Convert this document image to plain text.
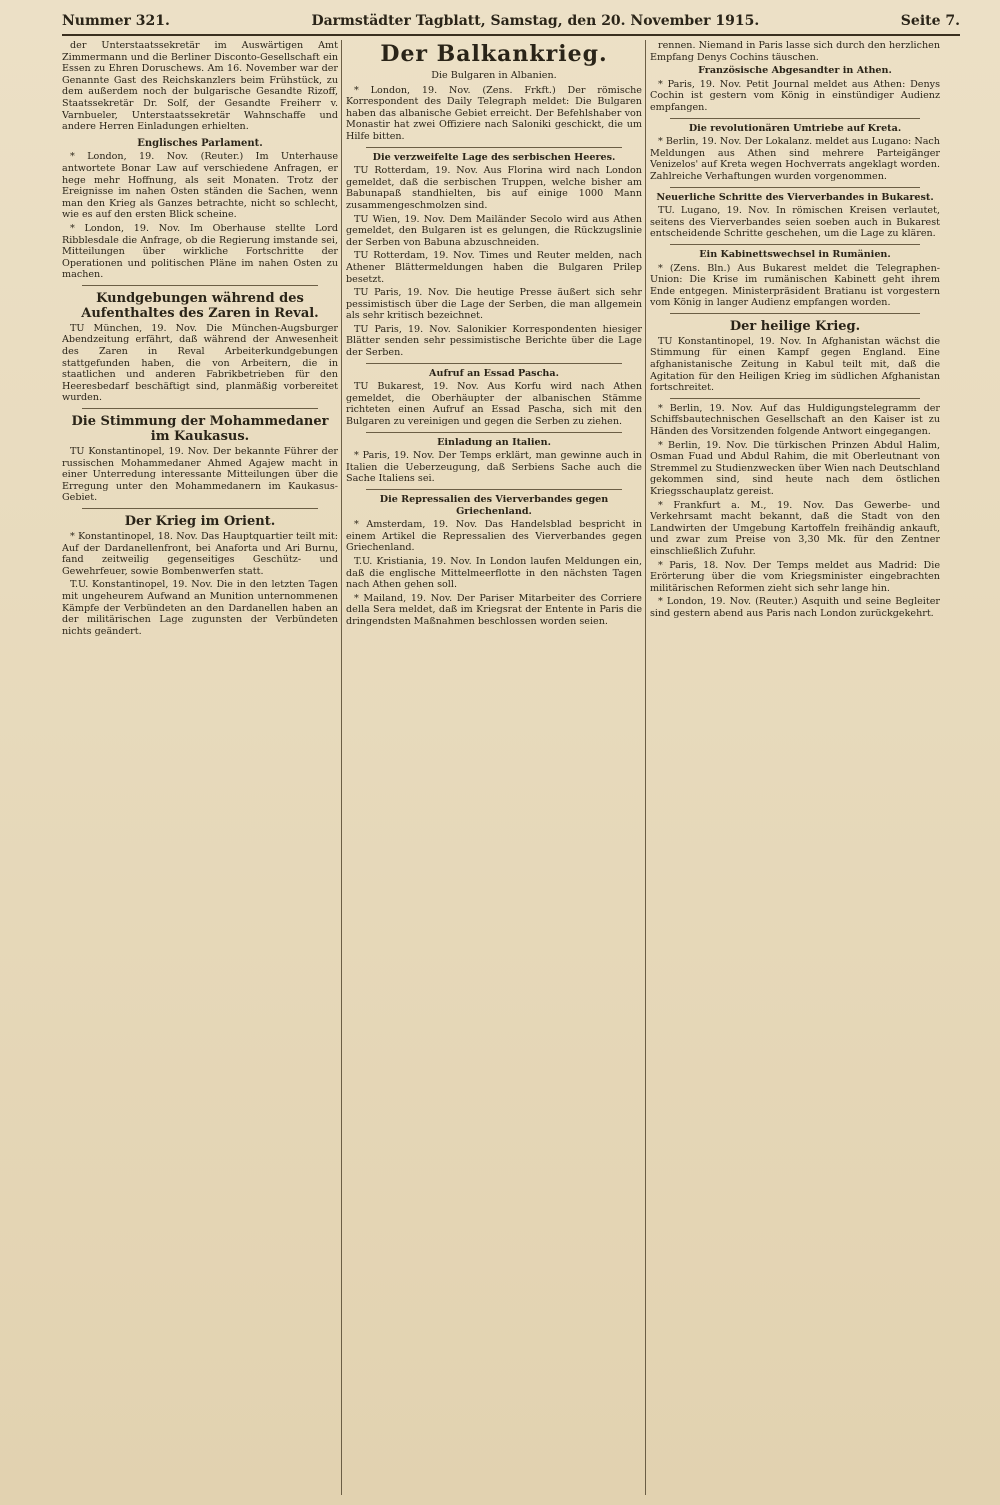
Nummer 321.	Darmstädter Tagblatt, Samstag, den 20. November 1915.	Seite 7.

der Unterstaatssekretär im Auswärtigen Amt Zimmermann und die Berliner Disconto-Gesellschaft ein Essen zu Ehren Doruschews. Am 16. November war der Genannte Gast des Reichskanzlers beim Frühstück, zu dem außerdem noch der bulgarische Gesandte Rizoff, Staatssekretär Dr. Solf, der Gesandte Freiherr v. Varnbueler, Unterstaatssekretär Wahnschaffe und andere Herren Einladungen erhielten.

Englisches Parlament.

* London, 19. Nov. (Reuter.) Im Unterhause antwortete Bonar Law auf verschiedene Anfragen, er hege mehr Hoffnung, als seit Monaten. Trotz der Ereignisse im nahen Osten ständen die Sachen, wenn man den Krieg als Ganzes betrachte, nicht so schlecht, wie es auf den ersten Blick scheine.

* London, 19. Nov. Im Oberhause stellte Lord Ribblesdale die Anfrage, ob die Regierung imstande sei, Mitteilungen über wirkliche Fortschritte der Operationen und politischen Pläne im nahen Osten zu machen.

Kundgebungen während des Aufenthaltes des Zaren in Reval.

TU München, 19. Nov. Die München-Augsburger Abendzeitung erfährt, daß während der Anwesenheit des Zaren in Reval Arbeiterkundgebungen stattgefunden haben, die von Arbeitern, die in staatlichen und anderen Fabrikbetrieben für den Heeresbedarf beschäftigt sind, planmäßig vorbereitet wurden.

Die Stimmung der Mohammedaner im Kaukasus.

TU Konstantinopel, 19. Nov. Der bekannte Führer der russischen Mohammedaner Ahmed Agajew macht in einer Unterredung interessante Mitteilungen über die Erregung unter den Mohammedanern im Kaukasus-Gebiet.

Der Krieg im Orient.

* Konstantinopel, 18. Nov. Das Hauptquartier teilt mit: Auf der Dardanellenfront, bei Anaforta und Ari Burnu, fand zeitweilig gegenseitiges Geschütz- und Gewehrfeuer, sowie Bombenwerfen statt.

T.U. Konstantinopel, 19. Nov. Die in den letzten Tagen mit ungeheurem Aufwand an Munition unternommenen Kämpfe der Verbündeten an den Dardanellen haben an der militärischen Lage zugunsten der Verbündeten nichts geändert.

Der Balkankrieg.
Die Bulgaren in Albanien.

* London, 19. Nov. (Zens. Frkft.) Der römische Korrespondent des Daily Telegraph meldet: Die Bulgaren haben das albanische Gebiet erreicht. Der Befehlshaber von Monastir hat zwei Offiziere nach Saloniki geschickt, die um Hilfe bitten.

Die verzweifelte Lage des serbischen Heeres.

TU Rotterdam, 19. Nov. Aus Florina wird nach London gemeldet, daß die serbischen Truppen, welche bisher am Babunapaß standhielten, bis auf einige 1000 Mann zusammengeschmolzen sind.

TU Wien, 19. Nov. Dem Mailänder Secolo wird aus Athen gemeldet, den Bulgaren ist es gelungen, die Rückzugslinie der Serben von Babuna abzuschneiden.

TU Rotterdam, 19. Nov. Times und Reuter melden, nach Athener Blättermeldungen haben die Bulgaren Prilep besetzt.

TU Paris, 19. Nov. Die heutige Presse äußert sich sehr pessimistisch über die Lage der Serben, die man allgemein als sehr kritisch bezeichnet.

TU Paris, 19. Nov. Salonikier Korrespondenten hiesiger Blätter senden sehr pessimistische Berichte über die Lage der Serben.

Aufruf an Essad Pascha.

TU Bukarest, 19. Nov. Aus Korfu wird nach Athen gemeldet, die Oberhäupter der albanischen Stämme richteten einen Aufruf an Essad Pascha, sich mit den Bulgaren zu vereinigen und gegen die Serben zu ziehen.

Einladung an Italien.

* Paris, 19. Nov. Der Temps erklärt, man gewinne auch in Italien die Ueberzeugung, daß Serbiens Sache auch die Sache Italiens sei.

Die Repressalien des Vierverbandes gegen Griechenland.

* Amsterdam, 19. Nov. Das Handelsblad bespricht in einem Artikel die Repressalien des Vierverbandes gegen Griechenland.

T.U. Kristiania, 19. Nov. In London laufen Meldungen ein, daß die englische Mittelmeerflotte in den nächsten Tagen nach Athen gehen soll.

* Mailand, 19. Nov. Der Pariser Mitarbeiter des Corriere della Sera meldet, daß im Kriegsrat der Entente in Paris die dringendsten Maßnahmen beschlossen worden seien.

rennen. Niemand in Paris lasse sich durch den herzlichen Empfang Denys Cochins täuschen.

Französische Abgesandter in Athen.

* Paris, 19. Nov. Petit Journal meldet aus Athen: Denys Cochin ist gestern vom König in einstündiger Audienz empfangen.

Die revolutionären Umtriebe auf Kreta.

* Berlin, 19. Nov. Der Lokalanz. meldet aus Lugano: Nach Meldungen aus Athen sind mehrere Parteigänger Venizelos' auf Kreta wegen Hochverrats angeklagt worden. Zahlreiche Verhaftungen wurden vorgenommen.

Neuerliche Schritte des Vierverbandes in Bukarest.

TU. Lugano, 19. Nov. In römischen Kreisen verlautet, seitens des Vierverbandes seien soeben auch in Bukarest entscheidende Schritte geschehen, um die Lage zu klären.

Ein Kabinettswechsel in Rumänien.

* (Zens. Bln.) Aus Bukarest meldet die Telegraphen-Union: Die Krise im rumänischen Kabinett geht ihrem Ende entgegen. Ministerpräsident Bratianu ist vorgestern vom König in langer Audienz empfangen worden.

Der heilige Krieg.

TU Konstantinopel, 19. Nov. In Afghanistan wächst die Stimmung für einen Kampf gegen England. Eine afghanistanische Zeitung in Kabul teilt mit, daß die Agitation für den Heiligen Krieg im südlichen Afghanistan fortschreitet.

* Berlin, 19. Nov. Auf das Huldigungstelegramm der Schiffsbautechnischen Gesellschaft an den Kaiser ist zu Händen des Vorsitzenden folgende Antwort eingegangen.

* Berlin, 19. Nov. Die türkischen Prinzen Abdul Halim, Osman Fuad und Abdul Rahim, die mit Oberleutnant von Stremmel zu Studienzwecken über Wien nach Deutschland gekommen sind, sind heute nach dem östlichen Kriegsschauplatz gereist.

* Frankfurt a. M., 19. Nov. Das Gewerbe- und Verkehrsamt macht bekannt, daß die Stadt von den Landwirten der Umgebung Kartoffeln freihändig ankauft, und zwar zum Preise von 3,30 Mk. für den Zentner einschließlich Zufuhr.

* Paris, 18. Nov. Der Temps meldet aus Madrid: Die Erörterung über die vom Kriegsminister eingebrachten militärischen Reformen zieht sich sehr lange hin.

* London, 19. Nov. (Reuter.) Asquith und seine Begleiter sind gestern abend aus Paris nach London zurückgekehrt.
